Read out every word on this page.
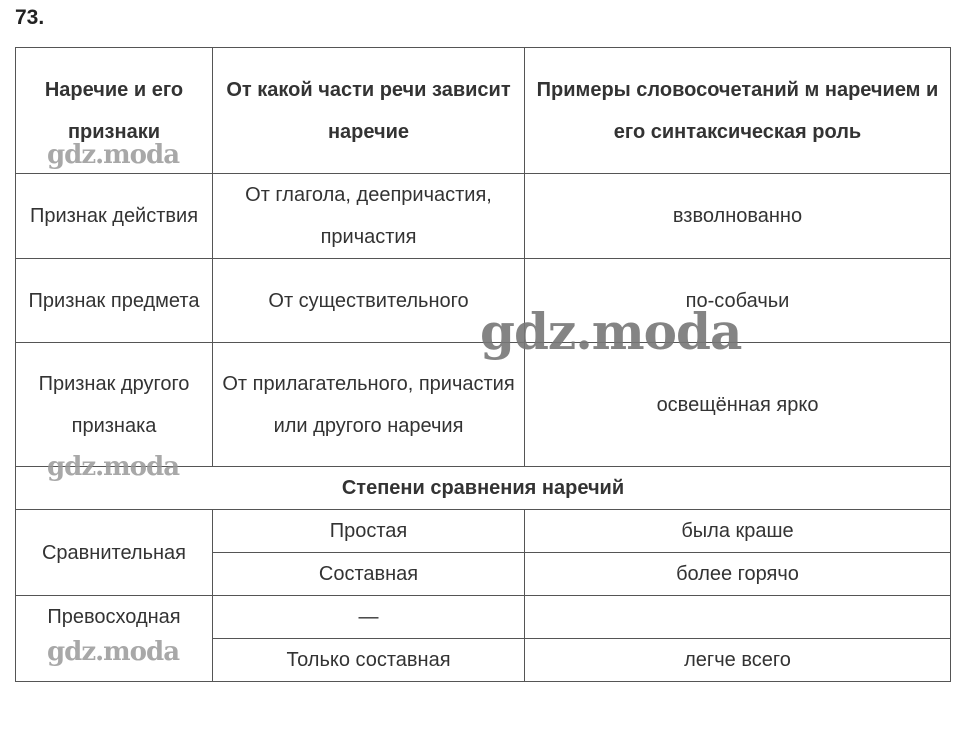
73.
Наречие и его признаки	От какой части речи зависит наречие	Примеры словосочетаний м наречием и его синтаксическая роль

Признак действия	От глагола, деепричастия, причастия	взволнованно

Признак предмета	От существительного	по-собачьи

Признак другого признака	От прилагательного, причастия или другого наречия	освещённая ярко

Степени сравнения наречий		

Сравнительная	Простая	была краше

	Составная	более горячо

Превосходная	—	

	Только составная	легче всего
gdz.moda
gdz.moda
gdz.moda
gdz.moda
